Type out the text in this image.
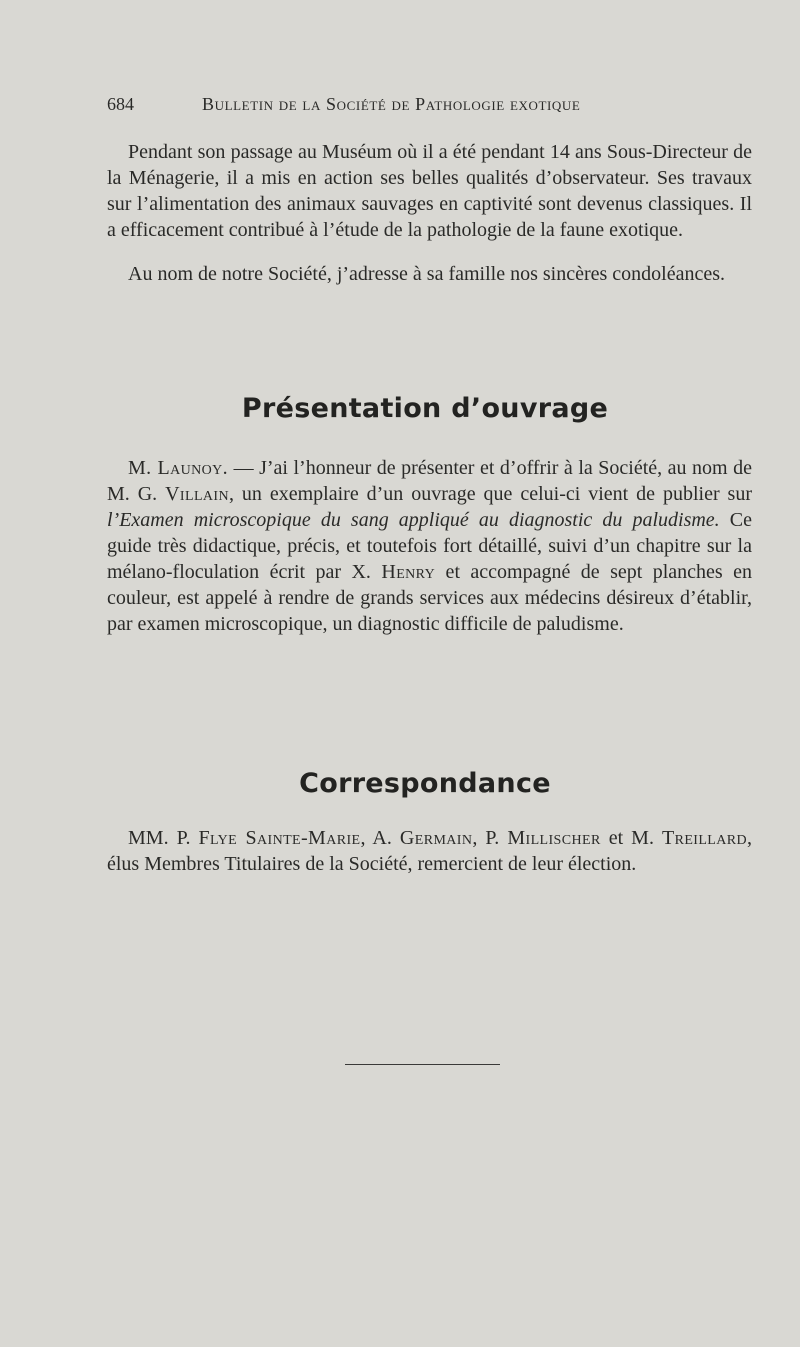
684	Bulletin de la Société de Pathologie exotique

Pendant son passage au Muséum où il a été pendant 14 ans Sous-Directeur de la Ménagerie, il a mis en action ses belles qualités d’observateur. Ses travaux sur l’alimentation des animaux sauvages en captivité sont devenus classiques. Il a efficacement contribué à l’étude de la pathologie de la faune exotique.

Au nom de notre Société, j’adresse à sa famille nos sincères condoléances.

Présentation d’ouvrage

M. Launoy. — J’ai l’honneur de présenter et d’offrir à la Société, au nom de M. G. Villain, un exemplaire d’un ouvrage que celui-ci vient de publier sur l’Examen microscopique du sang appliqué au diagnostic du paludisme. Ce guide très didactique, précis, et toutefois fort détaillé, suivi d’un chapitre sur la mélano-floculation écrit par X. Henry et accompagné de sept planches en couleur, est appelé à rendre de grands services aux médecins désireux d’établir, par examen microscopique, un diagnostic difficile de paludisme.

Correspondance

MM. P. Flye Sainte-Marie, A. Germain, P. Millischer et M. Treillard, élus Membres Titulaires de la Société, remercient de leur élection.
